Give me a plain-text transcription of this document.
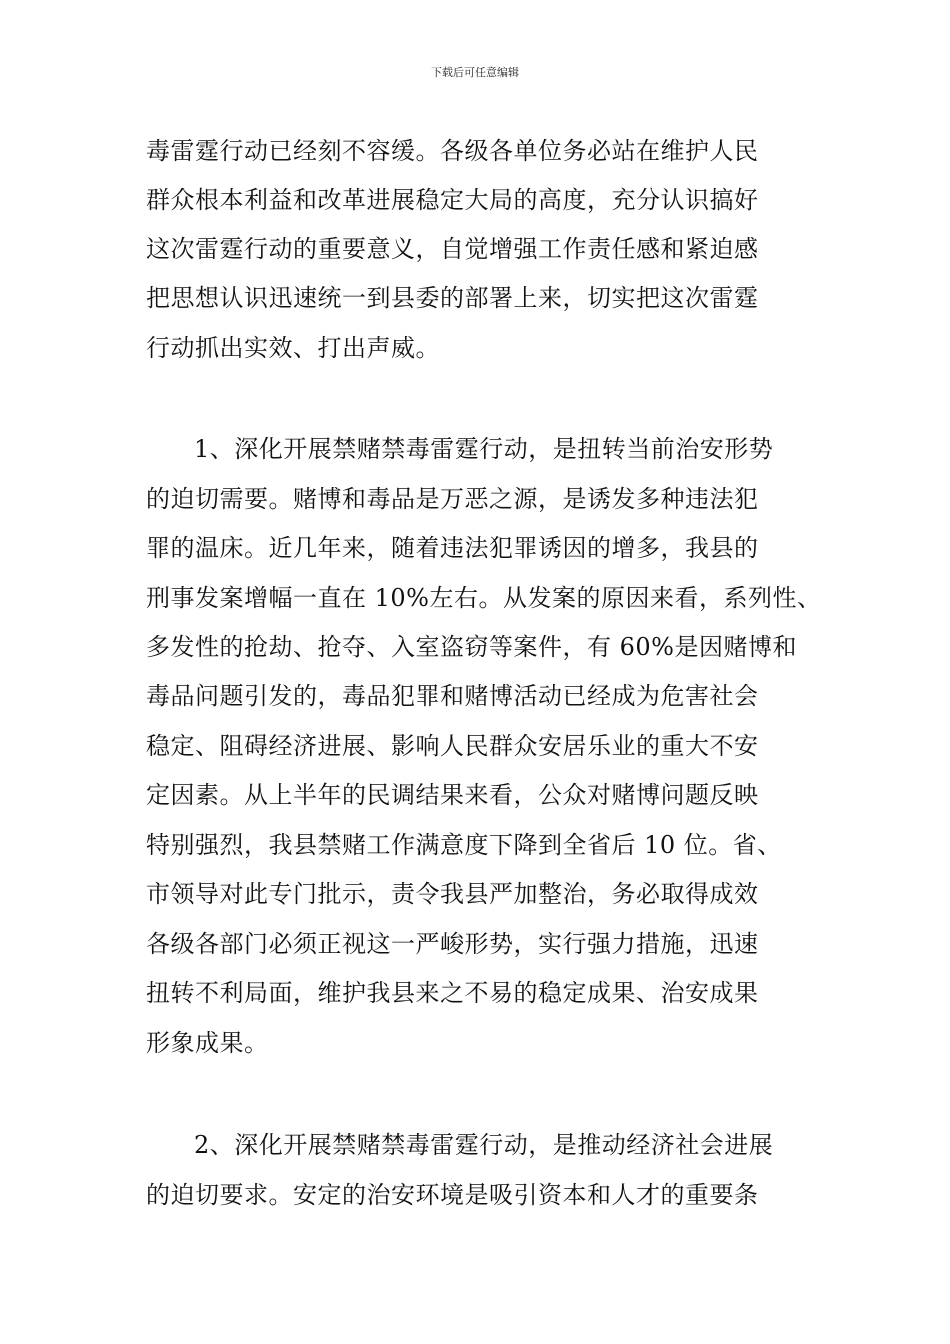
下载后可任意编辑
毒雷霆行动已经刻不容缓。各级各单位务必站在维护人民
群众根本利益和改革进展稳定大局的高度，充分认识搞好
这次雷霆行动的重要意义，自觉增强工作责任感和紧迫感
把思想认识迅速统一到县委的部署上来，切实把这次雷霆
行动抓出实效、打出声威。
1、深化开展禁赌禁毒雷霆行动，是扭转当前治安形势
的迫切需要。赌博和毒品是万恶之源，是诱发多种违法犯
罪的温床。近几年来，随着违法犯罪诱因的增多，我县的
刑事发案增幅一直在 10%左右。从发案的原因来看，系列性、
多发性的抢劫、抢夺、入室盗窃等案件，有 60%是因赌博和
毒品问题引发的，毒品犯罪和赌博活动已经成为危害社会
稳定、阻碍经济进展、影响人民群众安居乐业的重大不安
定因素。从上半年的民调结果来看，公众对赌博问题反映
特别强烈，我县禁赌工作满意度下降到全省后 10 位。省、
市领导对此专门批示，责令我县严加整治，务必取得成效
各级各部门必须正视这一严峻形势，实行强力措施，迅速
扭转不利局面，维护我县来之不易的稳定成果、治安成果
形象成果。
2、深化开展禁赌禁毒雷霆行动，是推动经济社会进展
的迫切要求。安定的治安环境是吸引资本和人才的重要条
